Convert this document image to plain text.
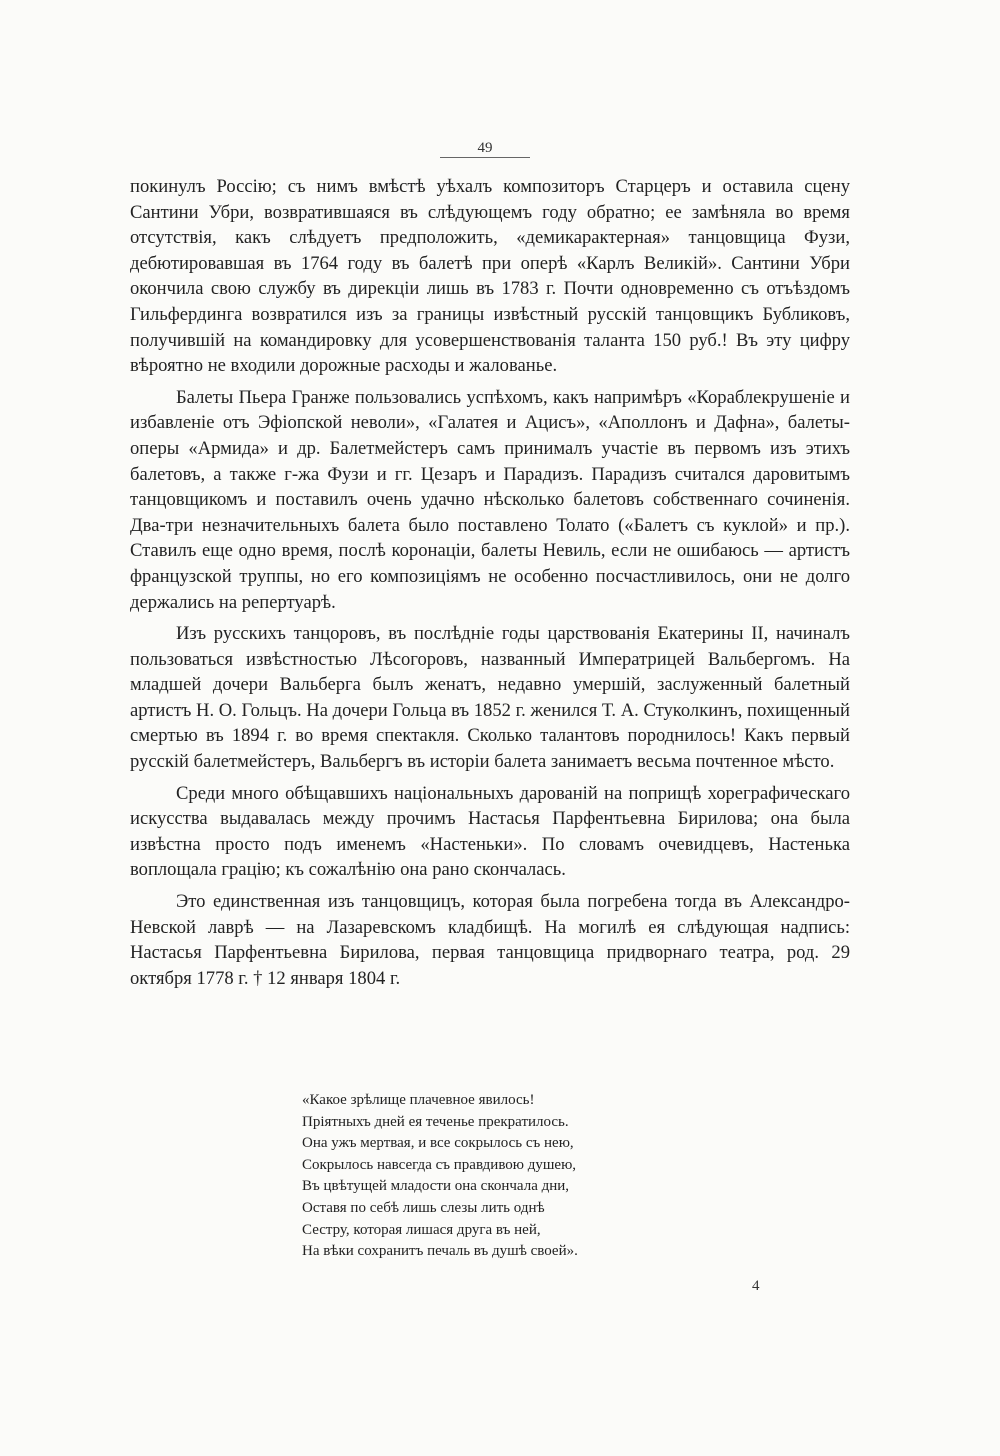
49

покинулъ Россію; съ нимъ вмѣстѣ уѣхалъ композиторъ Старцеръ и оставила сцену Сантини Убри, возвратившаяся въ слѣдующемъ году обратно; ее замѣняла во время отсутствія, какъ слѣдуетъ предположить, «демикарактерная» танцовщица Фузи, дебютировавшая въ 1764 году въ балетѣ при оперѣ «Карлъ Великій». Сантини Убри окончила свою службу въ дирекціи лишь въ 1783 г. Почти одновременно съ отъѣздомъ Гильфердинга возвратился изъ за границы извѣстный русскій танцовщикъ Бубликовъ, получившій на командировку для усовершенствованія таланта 150 руб.! Въ эту цифру вѣроятно не входили дорожные расходы и жалованье.

Балеты Пьера Гранже пользовались успѣхомъ, какъ напримѣръ «Кораблекрушеніе и избавленіе отъ Эфіопской неволи», «Галатея и Ацисъ», «Аполлонъ и Дафна», балеты-оперы «Армида» и др. Балетмейстеръ самъ принималъ участіе въ первомъ изъ этихъ балетовъ, а также г-жа Фузи и гг. Цезаръ и Парадизъ. Парадизъ считался даровитымъ танцовщикомъ и поставилъ очень удачно нѣсколько балетовъ собственнаго сочиненія. Два-три незначительныхъ балета было поставлено Толато («Балетъ съ куклой» и пр.). Ставилъ еще одно время, послѣ коронаціи, балеты Невиль, если не ошибаюсь — артистъ французской труппы, но его композиціямъ не особенно посчастливилось, они не долго держались на репертуарѣ.

Изъ русскихъ танцоровъ, въ послѣдніе годы царствованія Екатерины II, начиналъ пользоваться извѣстностью Лѣсогоровъ, названный Императрицей Вальбергомъ. На младшей дочери Вальберга былъ женатъ, недавно умершій, заслуженный балетный артистъ Н. О. Гольцъ. На дочери Гольца въ 1852 г. женился Т. А. Стуколкинъ, похищенный смертью въ 1894 г. во время спектакля. Сколько талантовъ породнилось! Какъ первый русскій балетмейстеръ, Вальбергъ въ исторіи балета занимаетъ весьма почтенное мѣсто.

Среди много обѣщавшихъ національныхъ дарованій на поприщѣ хореграфическаго искусства выдавалась между прочимъ Настасья Парфентьевна Бирилова; она была извѣстна просто подъ именемъ «Настеньки». По словамъ очевидцевъ, Настенька воплощала грацію; къ сожалѣнію она рано скончалась.

Это единственная изъ танцовщицъ, которая была погребена тогда въ Александро-Невской лаврѣ — на Лазаревскомъ кладбищѣ. На могилѣ ея слѣдующая надпись: Настасья Парфентьевна Бирилова, первая танцовщица придворнаго театра, род. 29 октября 1778 г. † 12 января 1804 г.

«Какое зрѣлище плачевное явилось!
Пріятныхъ дней ея теченье прекратилось.
Она ужъ мертвая, и все сокрылось съ нею,
Сокрылось навсегда съ правдивою душею,
Въ цвѣтущей младости она скончала дни,
Оставя по себѣ лишь слезы лить однѣ
Сестру, которая лишася друга въ ней,
На вѣки сохранитъ печаль въ душѣ своей».
4
